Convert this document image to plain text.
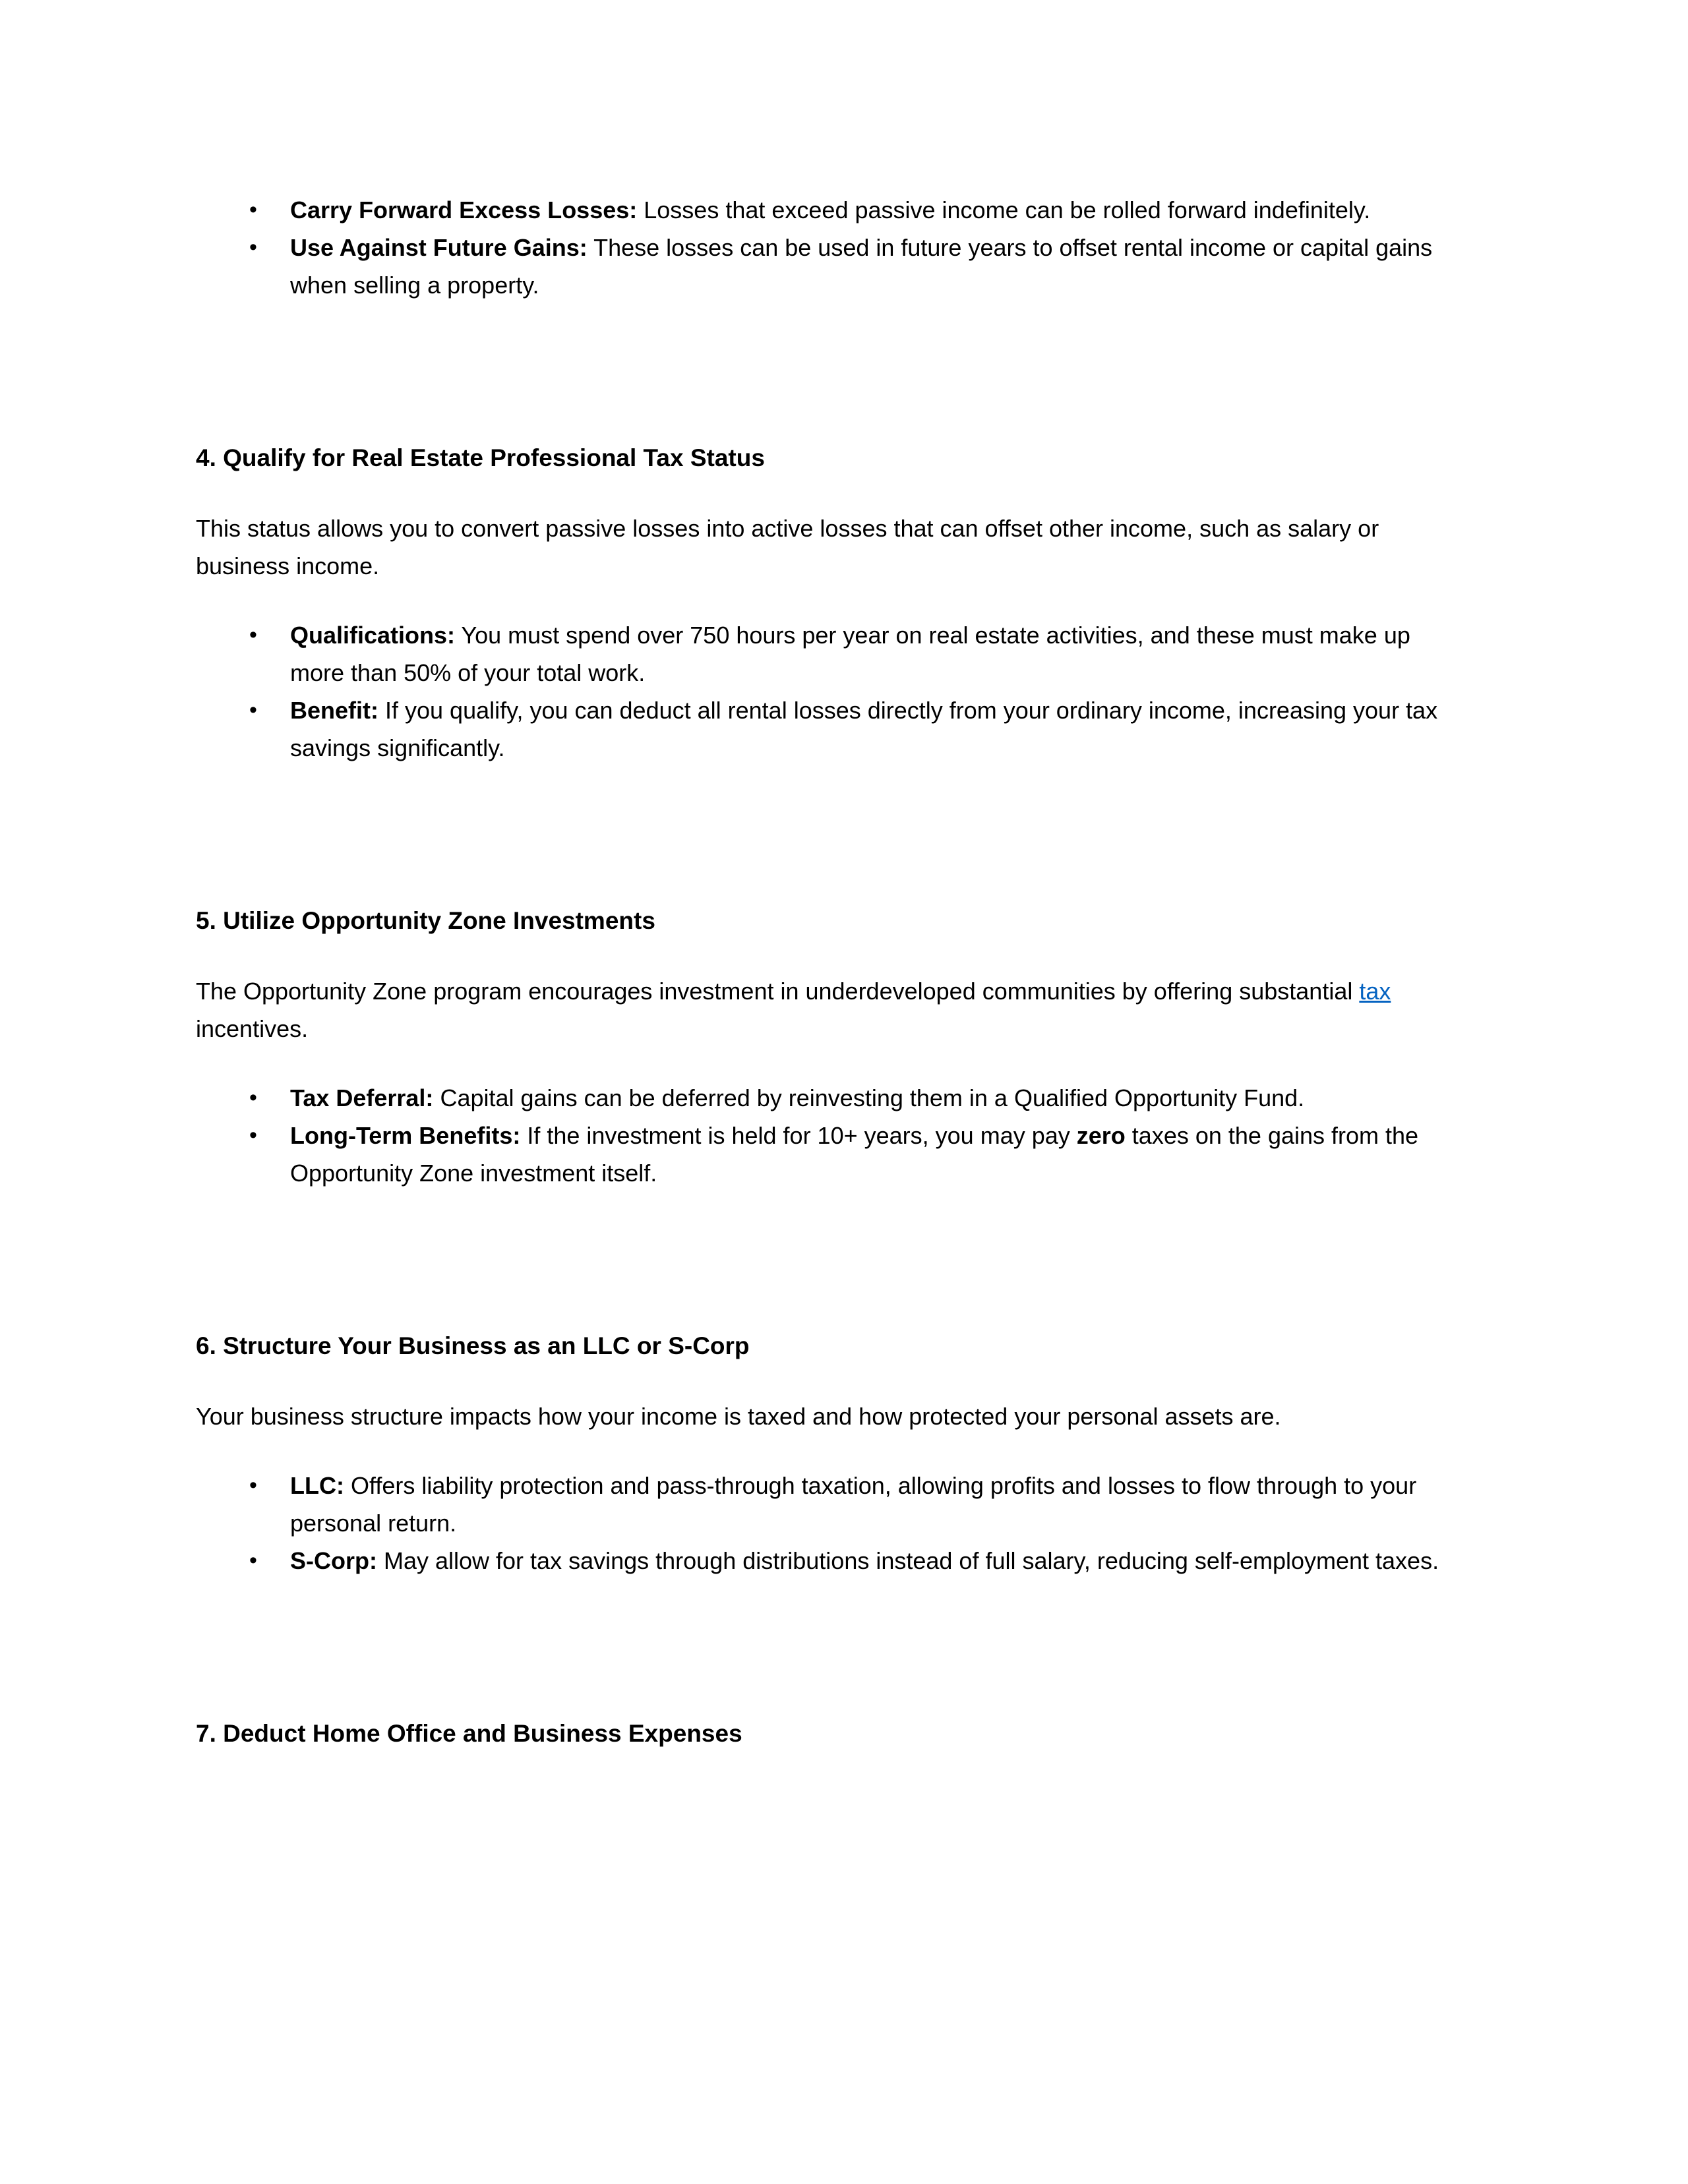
• Carry Forward Excess Losses: Losses that exceed passive income can be rolled forward indefinitely.
• Use Against Future Gains: These losses can be used in future years to offset rental income or capital gains when selling a property.
4. Qualify for Real Estate Professional Tax Status

This status allows you to convert passive losses into active losses that can offset other income, such as salary or business income.

• Qualifications: You must spend over 750 hours per year on real estate activities, and these must make up more than 50% of your total work.
• Benefit: If you qualify, you can deduct all rental losses directly from your ordinary income, increasing your tax savings significantly.
5. Utilize Opportunity Zone Investments

The Opportunity Zone program encourages investment in underdeveloped communities by offering substantial tax incentives.

• Tax Deferral: Capital gains can be deferred by reinvesting them in a Qualified Opportunity Fund.
• Long-Term Benefits: If the investment is held for 10+ years, you may pay zero taxes on the gains from the Opportunity Zone investment itself.
6. Structure Your Business as an LLC or S-Corp

Your business structure impacts how your income is taxed and how protected your personal assets are.

• LLC: Offers liability protection and pass-through taxation, allowing profits and losses to flow through to your personal return.
• S-Corp: May allow for tax savings through distributions instead of full salary, reducing self-employment taxes.
7. Deduct Home Office and Business Expenses
